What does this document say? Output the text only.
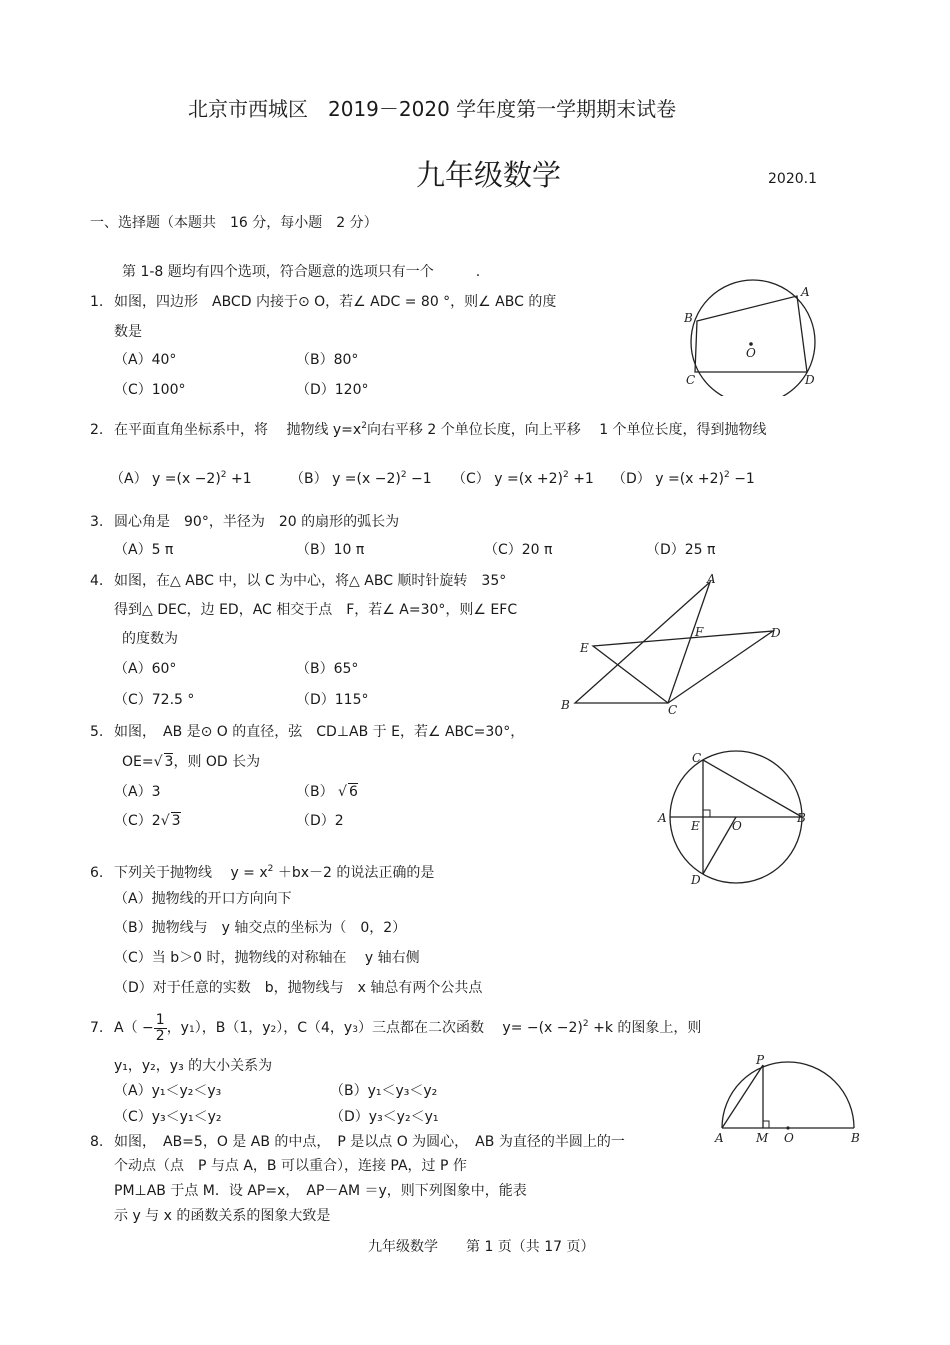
北京市西城区　2019－2020 学年度第一学期期末试卷
九年级数学	2020.1
一、选择题（本题共　16 分，每小题　2 分）
第 1-8 题均有四个选项，符合题意的选项只有一个　　　.
1. 如图，四边形　ABCD 内接于⊙ O，若∠ ADC = 80 °，则∠ ABC 的度
数是
（A）40°	（B）80°
（C）100°	（D）120°
A
B
C	D
O
2. 在平面直角坐标系中，将　 抛物线 $y=x^2$向右平移 2 个单位长度，向上平移　 1 个单位长度，得到抛物线
（A） $y =(x -2)^2 +1$	（B） $y =(x -2)^2 -1$ （C） $y =(x +2)^2 +1$ （D） $y =(x +2)^2 -1$
3. 圆心角是　90°，半径为　20 的扇形的弧长为
（A）5 π	（B）10 π	（C）20 π	（D）25 π
4. 如图，在△ ABC 中，以 C 为中心，将△ ABC 顺时针旋转　35°
得到△ DEC，边 ED，AC 相交于点　F，若∠ A=30°，则∠ EFC
的度数为
（A）60°	（B）65°
（C）72.5 °	（D）115°
A
B	C
D
E
F
5. 如图，　AB 是⊙ O 的直径，弦　CD⊥AB 于 E，若∠ ABC=30°，
OE=√ 3，则 OD 长为
（A）3	（B） √ 6
（C）2√ 3	（D）2
C
A
E	O
B
D
6. 下列关于抛物线　 $y = x^2 +bx-2$ 的说法正确的是
（A）抛物线的开口方向向下
（B）抛物线与　y 轴交点的坐标为（　0，2）
（C）当 b＞0 时，抛物线的对称轴在　 y 轴右侧
（D）对于任意的实数　b，抛物线与　x 轴总有两个公共点
7. $A( - \frac{1}{2}$ ，$y_1$），B（1，$y_2$），C（4，$y_3$）三点都在二次函数　 $y= -(x -2)^2 +k$ 的图象上，则
y₁，y₂，y₃ 的大小关系为
（A）y₁＜y₂＜y₃	（B）y₁＜y₃＜y₂
（C）y₃＜y₁＜y₂	（D）y₃＜y₂＜y₁
8. 如图，　AB=5，O 是 AB 的中点，　P 是以点 O 为圆心，　AB 为直径的半圆上的一
个动点（点　P 与点 A，B 可以重合），连接 PA，过 P 作
PM⊥AB 于点 M．设 AP=x，　AP－AM ＝y，则下列图象中，能表
示 y 与 x 的函数关系的图象大致是
P
A	M O	B
九年级数学　　第 1 页（共 17 页）
